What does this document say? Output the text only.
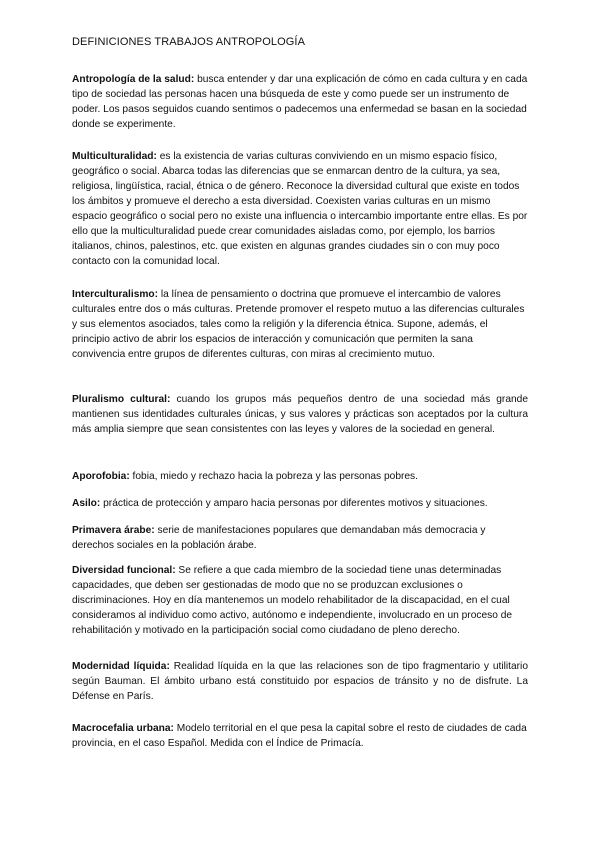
DEFINICIONES TRABAJOS ANTROPOLOGÍA

Antropología de la salud: busca entender y dar una explicación de cómo en cada cultura y en cada tipo de sociedad las personas hacen una búsqueda de este y como puede ser un instrumento de poder. Los pasos seguidos cuando sentimos o padecemos una enfermedad se basan en la sociedad donde se experimente.

Multiculturalidad: es la existencia de varias culturas conviviendo en un mismo espacio físico, geográfico o social. Abarca todas las diferencias que se enmarcan dentro de la cultura, ya sea, religiosa, lingüística, racial, étnica o de género. Reconoce la diversidad cultural que existe en todos los ámbitos y promueve el derecho a esta diversidad. Coexisten varias culturas en un mismo espacio geográfico o social pero no existe una influencia o intercambio importante entre ellas. Es por ello que la multiculturalidad puede crear comunidades aisladas como, por ejemplo, los barrios italianos, chinos, palestinos, etc. que existen en algunas grandes ciudades sin o con muy poco contacto con la comunidad local.

Interculturalismo: la línea de pensamiento o doctrina que promueve el intercambio de valores culturales entre dos o más culturas. Pretende promover el respeto mutuo a las diferencias culturales y sus elementos asociados, tales como la religión y la diferencia étnica. Supone, además, el principio activo de abrir los espacios de interacción y comunicación que permiten la sana convivencia entre grupos de diferentes culturas, con miras al crecimiento mutuo.

Pluralismo cultural: cuando los grupos más pequeños dentro de una sociedad más grande mantienen sus identidades culturales únicas, y sus valores y prácticas son aceptados por la cultura más amplia siempre que sean consistentes con las leyes y valores de la sociedad en general.

Aporofobia: fobia, miedo y rechazo hacia la pobreza y las personas pobres.

Asilo: práctica de protección y amparo hacia personas por diferentes motivos y situaciones.

Primavera árabe: serie de manifestaciones populares que demandaban más democracia y derechos sociales en la población árabe.

Diversidad funcional: Se refiere a que cada miembro de la sociedad tiene unas determinadas capacidades, que deben ser gestionadas de modo que no se produzcan exclusiones o discriminaciones. Hoy en día mantenemos un modelo rehabilitador de la discapacidad, en el cual consideramos al individuo como activo, autónomo e independiente, involucrado en un proceso de rehabilitación y motivado en la participación social como ciudadano de pleno derecho.

Modernidad líquida: Realidad líquida en la que las relaciones son de tipo fragmentario y utilitario según Bauman. El ámbito urbano está constituido por espacios de tránsito y no de disfrute. La Défense en París.

Macrocefalia urbana: Modelo territorial en el que pesa la capital sobre el resto de ciudades de cada provincia, en el caso Español. Medida con el Índice de Primacía.
